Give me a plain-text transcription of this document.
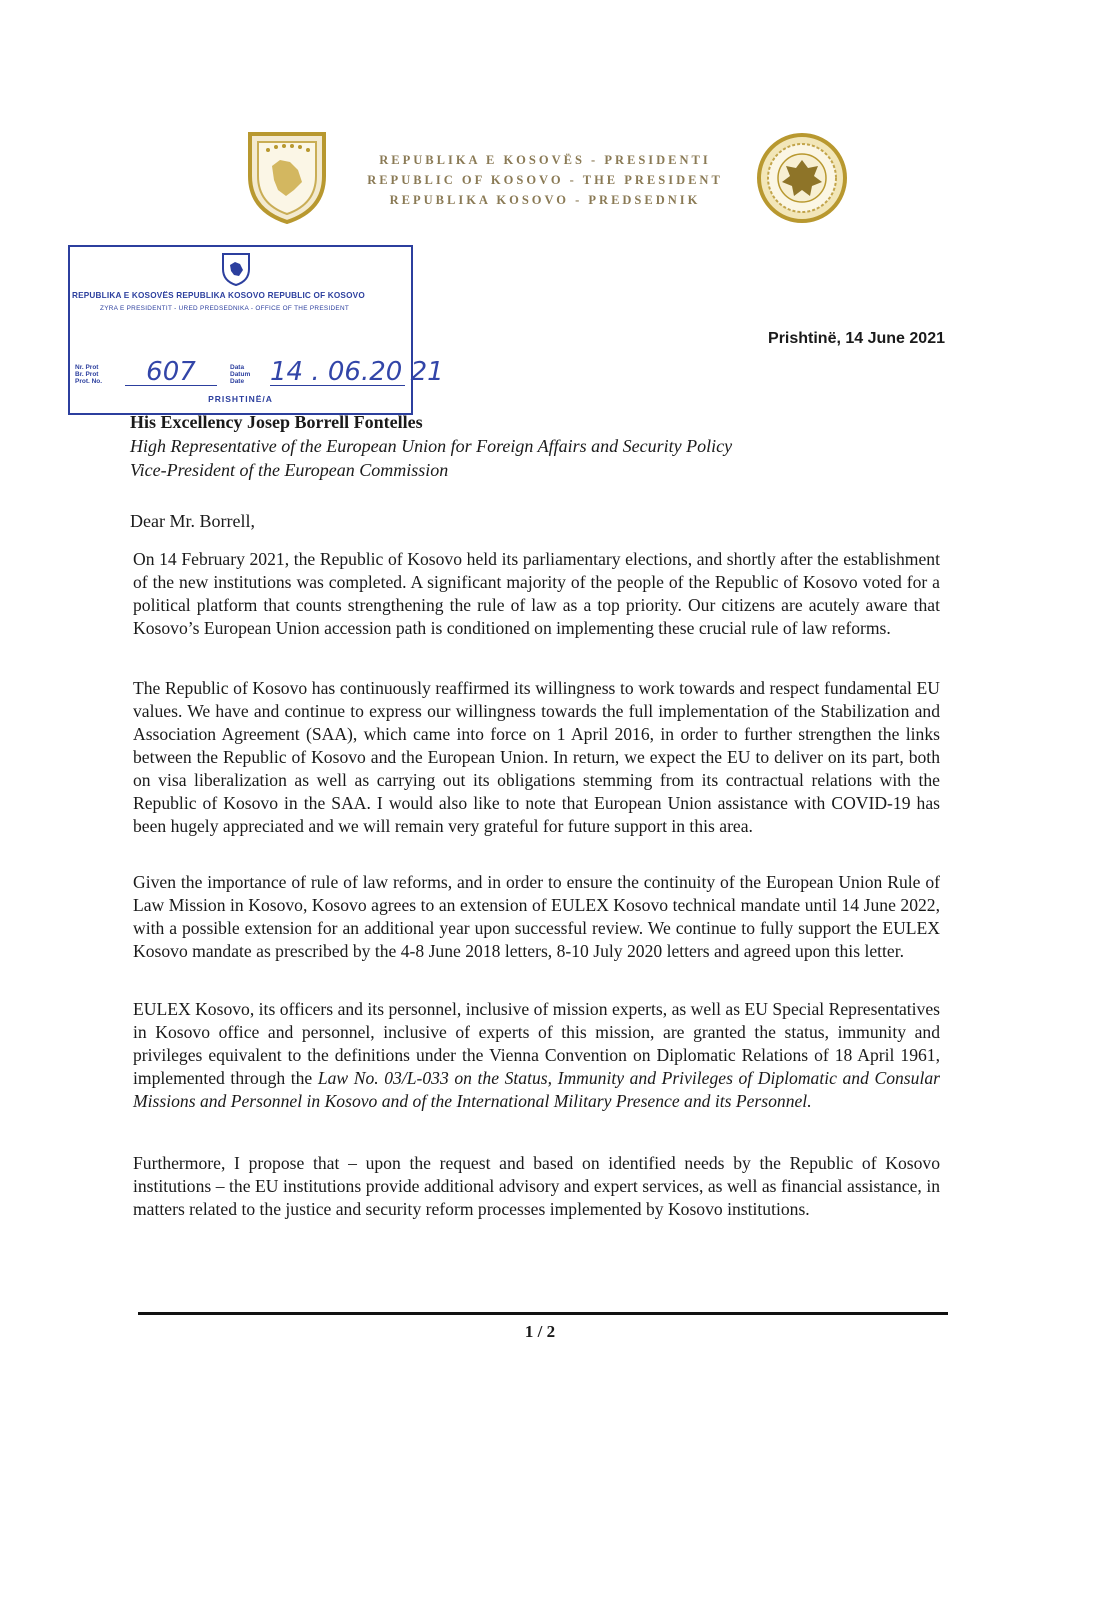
REPUBLIKA E KOSOVËS - PRESIDENTI
REPUBLIC OF KOSOVO - THE PRESIDENT
REPUBLIKA KOSOVO - PREDSEDNIK
REPUBLIKA E KOSOVËS REPUBLIKA KOSOVO REPUBLIC OF KOSOVO
ZYRA E PRESIDENTIT - URED PREDSEDNIKA - OFFICE OF THE PRESIDENT
Nr. Prot
Br. Prot
Prot. No.	607	Data
Datum
Date 14 . 06.20 21
PRISHTINË/A
Prishtinë, 14 June 2021
His Excellency Josep Borrell Fontelles
High Representative of the European Union for Foreign Affairs and Security Policy
Vice-President of the European Commission
Dear Mr. Borrell,
On 14 February 2021, the Republic of Kosovo held its parliamentary elections, and shortly after the establishment of the new institutions was completed. A significant majority of the people of the Republic of Kosovo voted for a political platform that counts strengthening the rule of law as a top priority. Our citizens are acutely aware that Kosovo’s European Union accession path is conditioned on implementing these crucial rule of law reforms.
The Republic of Kosovo has continuously reaffirmed its willingness to work towards and respect fundamental EU values. We have and continue to express our willingness towards the full implementation of the Stabilization and Association Agreement (SAA), which came into force on 1 April 2016, in order to further strengthen the links between the Republic of Kosovo and the European Union. In return, we expect the EU to deliver on its part, both on visa liberalization as well as carrying out its obligations stemming from its contractual relations with the Republic of Kosovo in the SAA. I would also like to note that European Union assistance with COVID-19 has been hugely appreciated and we will remain very grateful for future support in this area.
Given the importance of rule of law reforms, and in order to ensure the continuity of the European Union Rule of Law Mission in Kosovo, Kosovo agrees to an extension of EULEX Kosovo technical mandate until 14 June 2022, with a possible extension for an additional year upon successful review. We continue to fully support the EULEX Kosovo mandate as prescribed by the 4-8 June 2018 letters, 8-10 July 2020 letters and agreed upon this letter.
EULEX Kosovo, its officers and its personnel, inclusive of mission experts, as well as EU Special Representatives in Kosovo office and personnel, inclusive of experts of this mission, are granted the status, immunity and privileges equivalent to the definitions under the Vienna Convention on Diplomatic Relations of 18 April 1961, implemented through the Law No. 03/L-033 on the Status, Immunity and Privileges of Diplomatic and Consular Missions and Personnel in Kosovo and of the International Military Presence and its Personnel.
Furthermore, I propose that – upon the request and based on identified needs by the Republic of Kosovo institutions – the EU institutions provide additional advisory and expert services, as well as financial assistance, in matters related to the justice and security reform processes implemented by Kosovo institutions.
1 / 2
